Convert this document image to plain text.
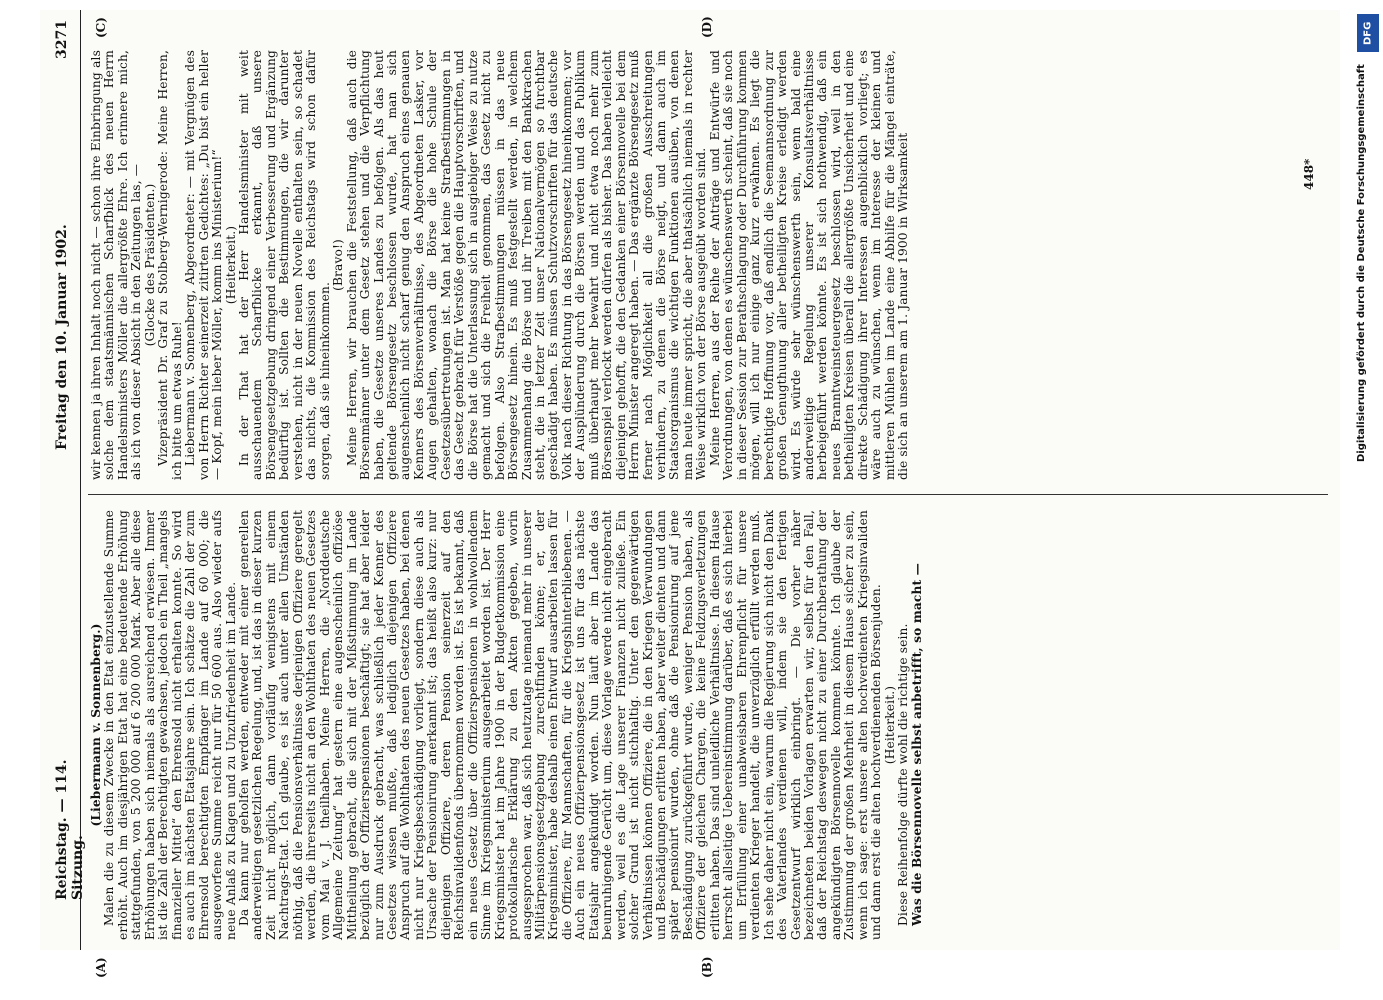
Reichstag. — 114. Sitzung.
Freitag den 10. Januar 1902.
3271
(A)	(B)
(C)	(D)

(Liebermann v. Sonnenberg.) Malen die zu diesem Zwecke in den Etat einzustellende Summe erhöht. Auch im diesjährigen Etat hat eine bedeutende Erhöhung stattgefunden, von 5 200 000 auf 6 200 000 Mark. Aber alle diese Erhöhungen haben sich niemals als ausreichend erwiesen. Immer ist die Zahl der Berechtigten gewachsen, jedoch ein Theil „mangels finanzieller Mittel“ den Ehrensold nicht erhalten konnte. So wird es auch im nächsten Etatsjahre sein. Ich schätze die Zahl der zum Ehrensold berechtigten Empfänger im Lande auf 60 000; die ausgeworfene Summe reicht nur für 50 600 aus. Also wieder aufs neue Anlaß zu Klagen und zu Unzufriedenheit im Lande. Da kann nur geholfen werden, entweder mit einer generellen anderweitigen gesetzlichen Regelung, und, ist das in dieser kurzen Zeit nicht möglich, dann vorläufig wenigstens mit einem Nachtrags-Etat. Ich glaube, es ist auch unter allen Umständen nöthig, daß die Pensionsverhältnisse derjenigen Offiziere geregelt werden, die ihrerseits nicht an den Wohlthaten des neuen Gesetzes vom Mai v. J. theilhaben. Meine Herren, die „Norddeutsche Allgemeine Zeitung“ hat gestern eine augenscheinlich offiziöse Mittheilung gebracht, die sich mit der Mißstimmung im Lande bezüglich der Offizierspensionen beschäftigt; sie hat aber leider nur zum Ausdruck gebracht, was schließlich jeder Kenner des Gesetzes wissen mußte, daß lediglich diejenigen Offiziere Anspruch auf die Wohlthaten des neuen Gesetzes haben, bei denen nicht nur Kriegsbeschädigung vorliegt, sondern diese auch als Ursache der Pensionirung anerkannt ist; das heißt also kurz: nur diejenigen Offiziere, deren Pension seinerzeit auf den Reichsinvalidenfonds übernommen worden ist. Es ist bekannt, daß ein neues Gesetz über die Offizierspensionen in wohlwollendem Sinne im Kriegsministerium ausgearbeitet worden ist. Der Herr Kriegsminister hat im Jahre 1900 in der Budgetkommission eine protokollarische Erklärung zu den Akten gegeben, worin ausgesprochen war, daß sich heutzutage niemand mehr in unserer Militärpensionsgesetzgebung zurechtfinden könne; er, der Kriegsminister, habe deshalb einen Entwurf ausarbeiten lassen für die Offiziere, für Mannschaften, für die Kriegshinterbliebenen. — Auch ein neues Offizierpensionsgesetz ist uns für das nächste Etatsjahr angekündigt worden. Nun läuft aber im Lande das beunruhigende Gerücht um, diese Vorlage werde nicht eingebracht werden, weil es die Lage unserer Finanzen nicht zuließe. Ein solcher Grund ist nicht stichhaltig. Unter den gegenwärtigen Verhältnissen können Offiziere, die in den Kriegen Verwundungen und Beschädigungen erlitten haben, aber weiter dienten und dann später pensionirt wurden, ohne daß die Pensionirung auf jene Beschädigung zurückgeführt wurde, weniger Pension haben, als Offiziere der gleichen Chargen, die keine Feldzugsverletzungen erlitten haben. Das sind unleidliche Verhältnisse. In diesem Hause herrscht allseitige Uebereinstimmung darüber, daß es sich hierbei um Erfüllung einer unabweisbaren Ehrenpflicht für unsere verdienten Krieger handelt, die unverzüglich erfüllt werden muß. Ich sehe daher nicht ein, warum die Regierung sich nicht den Dank des Vaterlandes verdienen will, indem sie den fertigen Gesetzentwurf wirklich einbringt. — Die vorher näher bezeichneten beiden Vorlagen erwarten wir, selbst für den Fall, daß der Reichstag deswegen nicht zu einer Durchberathung der angekündigten Börsennovelle kommen könnte. Ich glaube der Zustimmung der großen Mehrheit in diesem Hause sicher zu sein, wenn ich sage: erst unsere alten hochverdienten Kriegsinvaliden und dann erst die alten hochverdienenden Börsenjuden. (Heiterkeit.) Diese Reihenfolge dürfte wohl die richtige sein. Was die Börsennovelle selbst anbetrifft, so macht —

wir kennen ja ihren Inhalt noch nicht — schon ihre Einbringung als solche dem staatsmännischen Scharfblick des neuen Herrn Handelsministers Möller die allergrößte Ehre. Ich erinnere mich, als ich von dieser Absicht in den Zeitungen las, — (Glocke des Präsidenten.) Vizepräsident Dr. Graf zu Stolberg-Wernigerode: Meine Herren, ich bitte um etwas Ruhe! Liebermann v. Sonnenberg, Abgeordneter: — mit Vergnügen des von Herrn Richter seinerzeit zitirten Gedichtes: „Du bist ein heller — Kopf, mein lieber Möller, komm ins Ministerium!“ (Heiterkeit.) In der That hat der Herr Handelsminister mit weit ausschauendem Scharfblicke erkannt, daß unsere Börsengesetzgebung dringend einer Verbesserung und Ergänzung bedürftig ist. Sollten die Bestimmungen, die wir darunter verstehen, nicht in der neuen Novelle enthalten sein, so schadet das nichts, die Kommission des Reichstags wird schon dafür sorgen, daß sie hineinkommen.

(Bravo!) Meine Herren, wir brauchen die Feststellung, daß auch die Börsenmänner unter dem Gesetz stehen und die Verpflichtung haben, die Gesetze unseres Landes zu befolgen. Als das heut geltende Börsengesetz beschlossen wurde, hat man sich augenscheinlich nicht scharf genug den Anspruch eines genauen Kenners des Börsenverhältnisse, des Abgeordneten Lasker, vor Augen gehalten, wonach die Börse die hohe Schule der Gesetzesübertretungen ist. Man hat keine Strafbestimmungen in das Gesetz gebracht für Verstöße gegen die Hauptvorschriften, und die Börse hat die Unterlassung sich in ausgiebiger Weise zu nutze gemacht und sich die Freiheit genommen, das Gesetz nicht zu befolgen. Also Strafbestimmungen müssen in das neue Börsengesetz hinein. Es muß festgestellt werden, in welchem Zusammenhang die Börse und ihr Treiben mit den Bankkrachen steht, die in letzter Zeit unser Nationalvermögen so furchtbar geschädigt haben. Es müssen Schutzvorschriften für das deutsche Volk nach dieser Richtung in das Börsengesetz hineinkommen; vor der Ausplünderung durch die Börsen werden und das Publikum muß überhaupt mehr bewahrt und nicht etwa noch mehr zum Börsenspiel verlockt werden dürfen als bisher. Das haben vielleicht diejenigen gehofft, die den Gedanken einer Börsennovelle bei dem Herrn Minister angeregt haben. — Das ergänzte Börsengesetz muß ferner nach Möglichkeit all die großen Ausschreitungen verhindern, zu denen die Börse neigt, und dann auch im Staatsorganismus die wichtigen Funktionen ausüben, von denen man heute immer spricht, die aber thatsächlich niemals in rechter Weise wirklich von der Börse ausgeübt worden sind. Meine Herren, aus der Reihe der Anträge und Entwürfe und Verordnungen, von denen es wünschenswerth scheint, daß sie noch in dieser Session zur Berathschlagung oder Durchführung kommen mögen, will ich nur einige ganz kurz erwähnen. Es liegt die berechtigte Hoffnung vor, daß endlich die Seemannsordnung zur großen Genugthuung aller betheiligten Kreise erledigt werden wird. Es würde sehr wünschenswerth sein, wenn bald eine anderweitige Regelung unserer Konsulatsverhältnisse herbeigeführt werden könnte. Es ist sich nothwendig, daß ein neues Branntweinsteuergesetz beschlossen wird, weil in den betheiligten Kreisen überall die allergrößte Unsicherheit und eine direkte Schädigung ihrer Interessen augenblicklich vorliegt; es wäre auch zu wünschen, wenn im Interesse der kleinen und mittleren Mühlen im Lande eine Abhilfe für die Mängel einträte, die sich an unserem am 1. Januar 1900 in Wirksamkeit	448*
DFG
Digitalisierung gefördert durch die Deutsche Forschungsgemeinschaft
